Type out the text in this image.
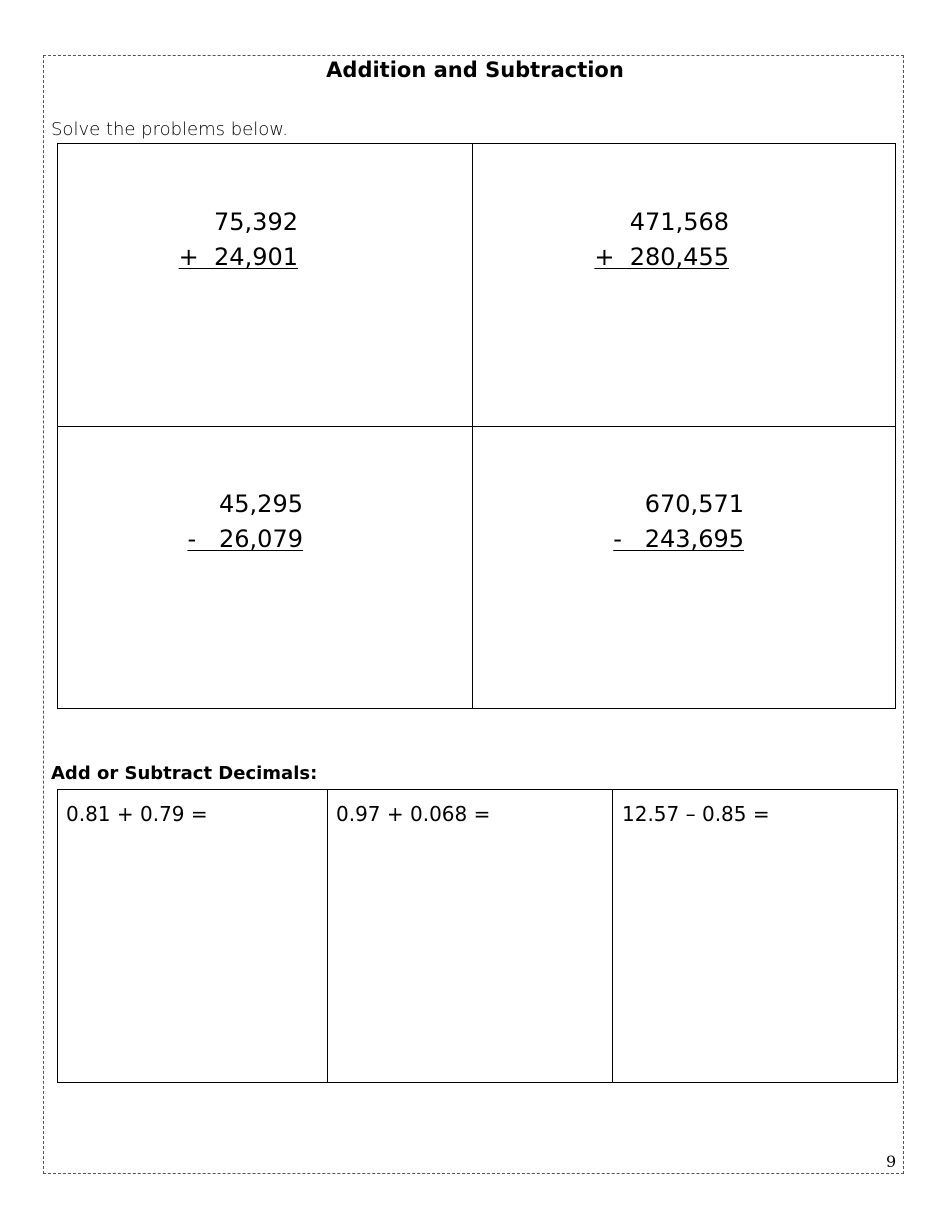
Addition and Subtraction

Solve the problems below.

75,392
+  24,901
471,568
+  280,455
45,295
-   26,079
670,571
-   243,695
Add or Subtract Decimals:
0.81 + 0.79 =	0.97 + 0.068 =	12.57 – 0.85 =
9
